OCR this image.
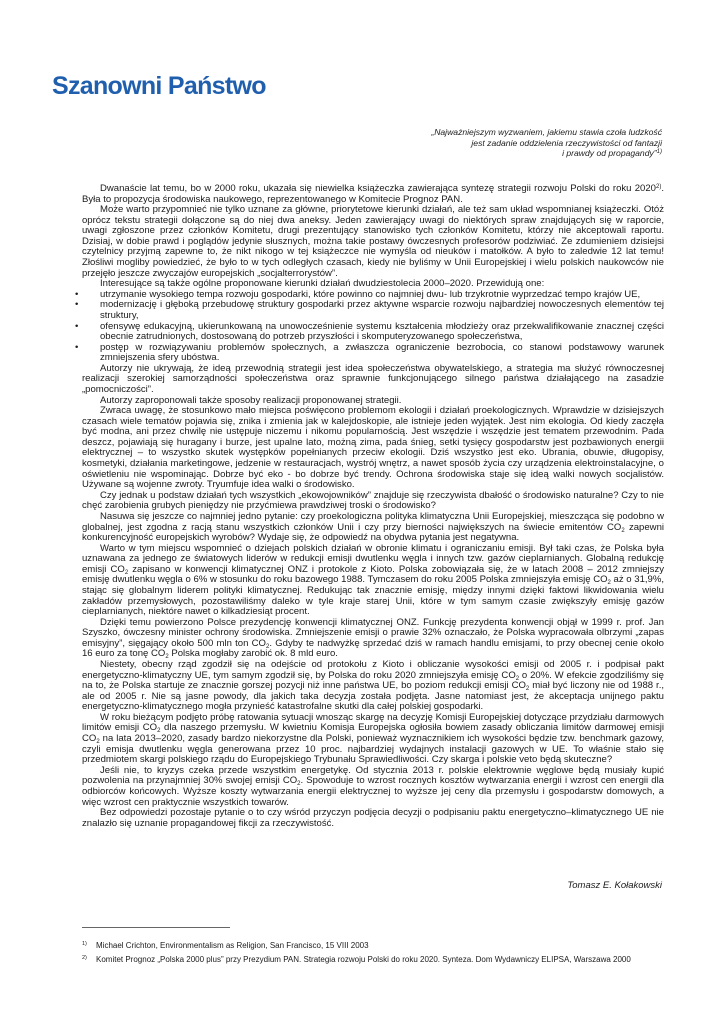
Szanowni Państwo
„Najważniejszym wyzwaniem, jakiemu stawia czoła ludzkość
jest zadanie oddzielenia rzeczywistości od fantazji
i prawdy od propagandy”$^{1)}$

Dwanaście lat temu, bo w 2000 roku, ukazała się niewielka książeczka zawierająca syntezę strategii rozwoju Polski do roku 2020$^{2)}$. Była to propozycja środowiska naukowego, reprezentowanego w Komitecie Prognoz PAN.

Może warto przypomnieć nie tylko uznane za główne, priorytetowe kierunki działań, ale też sam układ wspomnianej książeczki. Otóż oprócz tekstu strategii dołączone są do niej dwa aneksy. Jeden zawierający uwagi do niektórych spraw znajdujących się w raporcie, uwagi zgłoszone przez członków Komitetu, drugi prezentujący stanowisko tych członków Komitetu, którzy nie akceptowali raportu. Dzisiaj, w dobie prawd i poglądów jedynie słusznych, można takie postawy ówczesnych profesorów podziwiać. Ze zdumieniem dzisiejsi czytelnicy przyjmą zapewne to, że nikt nikogo w tej książeczce nie wymyśla od nieuków i matołków. A było to zaledwie 12 lat temu! Złośliwi mogliby powiedzieć, że było to w tych odległych czasach, kiedy nie byliśmy w Unii Europejskiej i wielu polskich naukowców nie przejęło jeszcze zwyczajów europejskich „socjalterrorystów”.

Interesujące są także ogólne proponowane kierunki działań dwudziestolecia 2000–2020. Przewidują one:

• utrzymanie wysokiego tempa rozwoju gospodarki, które powinno co najmniej dwu- lub trzykrotnie wyprzedzać tempo krajów UE,
• modernizację i głęboką przebudowę struktury gospodarki przez aktywne wsparcie rozwoju najbardziej nowoczesnych elementów tej struktury,
• ofensywę edukacyjną, ukierunkowaną na unowocześnienie systemu kształcenia młodzieży oraz przekwalifikowanie znacznej części obecnie zatrudnionych, dostosowaną do potrzeb przyszłości i skomputeryzowanego społeczeństwa,
• postęp w rozwiązywaniu problemów społecznych, a zwłaszcza ograniczenie bezrobocia, co stanowi podstawowy warunek zmniejszenia sfery ubóstwa.

Autorzy nie ukrywają, że ideą przewodnią strategii jest idea społeczeństwa obywatelskiego, a strategia ma służyć równoczesnej realizacji szerokiej samorządności społeczeństwa oraz sprawnie funkcjonującego silnego państwa działającego na zasadzie „pomocniczości”.

Autorzy zaproponowali także sposoby realizacji proponowanej strategii.

Zwraca uwagę, że stosunkowo mało miejsca poświęcono problemom ekologii i działań proekologicznych. Wprawdzie w dzisiejszych czasach wiele tematów pojawia się, znika i zmienia jak w kalejdoskopie, ale istnieje jeden wyjątek. Jest nim ekologia. Od kiedy zaczęła być modna, ani przez chwilę nie ustępuje niczemu i nikomu popularnością. Jest wszędzie i wszędzie jest tematem przewodnim. Pada deszcz, pojawiają się huragany i burze, jest upalne lato, możną zima, pada śnieg, setki tysięcy gospodarstw jest pozbawionych energii elektrycznej – to wszystko skutek występków popełnianych przeciw ekologii. Dziś wszystko jest eko. Ubrania, obuwie, długopisy, kosmetyki, działania marketingowe, jedzenie w restauracjach, wystrój wnętrz, a nawet sposób życia czy urządzenia elektroinstalacyjne, o oświetleniu nie wspominając. Dobrze być eko - bo dobrze być trendy. Ochrona środowiska staje się ideą walki nowych socjalistów. Używane są wojenne zwroty. Tryumfuje idea walki o środowisko.

Czy jednak u podstaw działań tych wszystkich „ekowojowników” znajduje się rzeczywista dbałość o środowisko naturalne? Czy to nie chęć zarobienia grubych pieniędzy nie przyćmiewa prawdziwej troski o środowisko?

Nasuwa się jeszcze co najmniej jedno pytanie: czy proekologiczna polityka klimatyczna Unii Europejskiej, mieszcząca się podobno w globalnej, jest zgodna z racją stanu wszystkich członków Unii i czy przy bierności największych na świecie emitentów $CO_2$ zapewni konkurencyjność europejskich wyrobów? Wydaje się, że odpowiedź na obydwa pytania jest negatywna.

Warto w tym miejscu wspomnieć o dziejach polskich działań w obronie klimatu i ograniczaniu emisji. Był taki czas, że Polska była uznawana za jednego ze światowych liderów w redukcji emisji dwutlenku węgla i innych tzw. gazów cieplarnianych. Globalną redukcję emisji $CO_2$ zapisano w konwencji klimatycznej ONZ i protokole z Kioto. Polska zobowiązała się, że w latach 2008 – 2012 zmniejszy emisję dwutlenku węgla o 6% w stosunku do roku bazowego 1988. Tymczasem do roku 2005 Polska zmniejszyła emisję $CO_2$ aż o 31,9%, stając się globalnym liderem polityki klimatycznej. Redukując tak znacznie emisję, między innymi dzięki faktowi likwidowania wielu zakładów przemysłowych, pozostawiliśmy daleko w tyle kraje starej Unii, które w tym samym czasie zwiększyły emisję gazów cieplarnianych, niektóre nawet o kilkadziesiąt procent.

Dzięki temu powierzono Polsce prezydencję konwencji klimatycznej ONZ. Funkcję prezydenta konwencji objął w 1999 r. prof. Jan Szyszko, ówczesny minister ochrony środowiska. Zmniejszenie emisji o prawie 32% oznaczało, że Polska wypracowała olbrzymi „zapas emisyjny”, sięgający około 500 mln ton $CO_2$. Gdyby te nadwyżkę sprzedać dziś w ramach handlu emisjami, to przy obecnej cenie około 16 euro za tonę $CO_2$ Polska mogłaby zarobić ok. 8 mld euro.

Niestety, obecny rząd zgodził się na odejście od protokołu z Kioto i obliczanie wysokości emisji od 2005 r. i podpisał pakt energetyczno-klimatyczny UE, tym samym zgodził się, by Polska do roku 2020 zmniejszyła emisję $CO_2$ o 20%. W efekcie zgodziliśmy się na to, że Polska startuje ze znacznie gorszej pozycji niż inne państwa UE, bo poziom redukcji emisji $CO_2$ miał być liczony nie od 1988 r., ale od 2005 r. Nie są jasne powody, dla jakich taka decyzja została podjęta. Jasne natomiast jest, że akceptacja unijnego paktu energetyczno-klimatycznego mogła przynieść katastrofalne skutki dla całej polskiej gospodarki.

W roku bieżącym podjęto próbę ratowania sytuacji wnosząc skargę na decyzję Komisji Europejskiej dotyczące przydziału darmowych limitów emisji $CO_2$ dla naszego przemysłu. W kwietniu Komisja Europejska ogłosiła bowiem zasady obliczania limitów darmowej emisji $CO_2$ na lata 2013–2020, zasady bardzo niekorzystne dla Polski, ponieważ wyznacznikiem ich wysokości będzie tzw. benchmark gazowy, czyli emisja dwutlenku węgla generowana przez 10 proc. najbardziej wydajnych instalacji gazowych w UE. To właśnie stało się przedmiotem skargi polskiego rządu do Europejskiego Trybunału Sprawiedliwości. Czy skarga i polskie veto będą skuteczne?

Jeśli nie, to kryzys czeka przede wszystkim energetykę. Od stycznia 2013 r. polskie elektrownie węglowe będą musiały kupić pozwolenia na przynajmniej 30% swojej emisji $CO_2$. Spowoduje to wzrost rocznych kosztów wytwarzania energii i wzrost cen energii dla odbiorców końcowych. Wyższe koszty wytwarzania energii elektrycznej to wyższe jej ceny dla przemysłu i gospodarstw domowych, a więc wzrost cen praktycznie wszystkich towarów.

Bez odpowiedzi pozostaje pytanie o to czy wśród przyczyn podjęcia decyzji o podpisaniu paktu energetyczno–klimatycznego UE nie znalazło się uznanie propagandowej fikcji za rzeczywistość.

Tomasz E. Kołakowski

1) Michael Crichton, Environmentalism as Religion, San Francisco, 15 VIII 2003
2) Komitet Prognoz „Polska 2000 plus” przy Prezydium PAN. Strategia rozwoju Polski do roku 2020. Synteza. Dom Wydawniczy ELIPSA, Warszawa 2000
